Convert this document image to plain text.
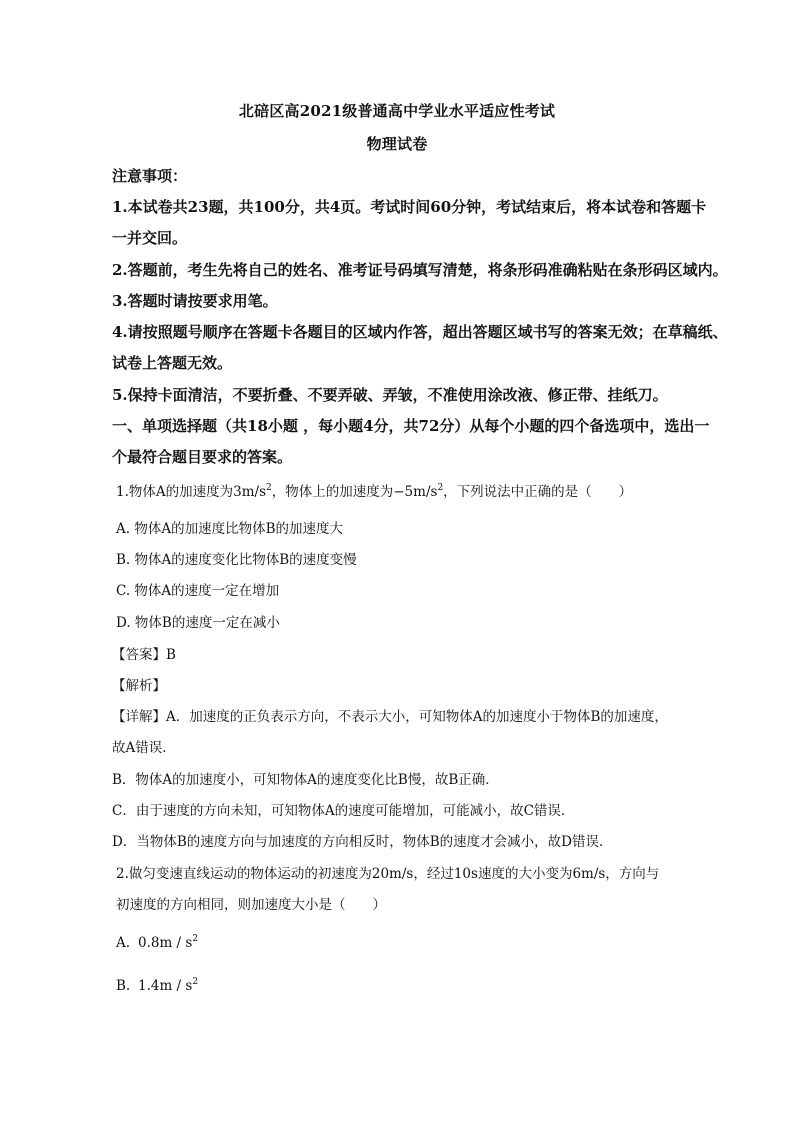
北碚区高2021级普通高中学业水平适应性考试
物理试卷
注意事项：
1.本试卷共23题，共100分，共4页。考试时间60分钟，考试结束后，将本试卷和答题卡
一并交回。
2.答题前，考生先将自己的姓名、准考证号码填写清楚，将条形码准确粘贴在条形码区域内。
3.答题时请按要求用笔。
4.请按照题号顺序在答题卡各题目的区域内作答，超出答题区域书写的答案无效；在草稿纸、
试卷上答题无效。
5.保持卡面清洁，不要折叠、不要弄破、弄皱，不准使用涂改液、修正带、挂纸刀。
一、单项选择题（共18小题 ，每小题4分，共72分）从每个小题的四个备选项中，选出一
个最符合题目要求的答案。
1.物体A的加速度为$3m/s^2$，物体上的加速度为$-5m/s^2$，下列说法中正确的是（　　）
A. 物体A的加速度比物体B的加速度大
B. 物体A的速度变化比物体B的速度变慢
C. 物体A的速度一定在增加
D. 物体B的速度一定在减小
【答案】B
【解析】
【详解】A．加速度的正负表示方向，不表示大小，可知物体A的加速度小于物体B的加速度，
故A错误．
B．物体A的加速度小，可知物体A的速度变化比B慢，故B正确．
C．由于速度的方向未知，可知物体A的速度可能增加，可能减小，故C错误．
D．当物体B的速度方向与加速度的方向相反时，物体B的速度才会减小，故D错误．
2.做匀变速直线运动的物体运动的初速度为20m/s，经过10s速度的大小变为6m/s，方向与
初速度的方向相同，则加速度大小是（　　）
A. $0.8m / s^2$
B. $1.4m / s^2$
